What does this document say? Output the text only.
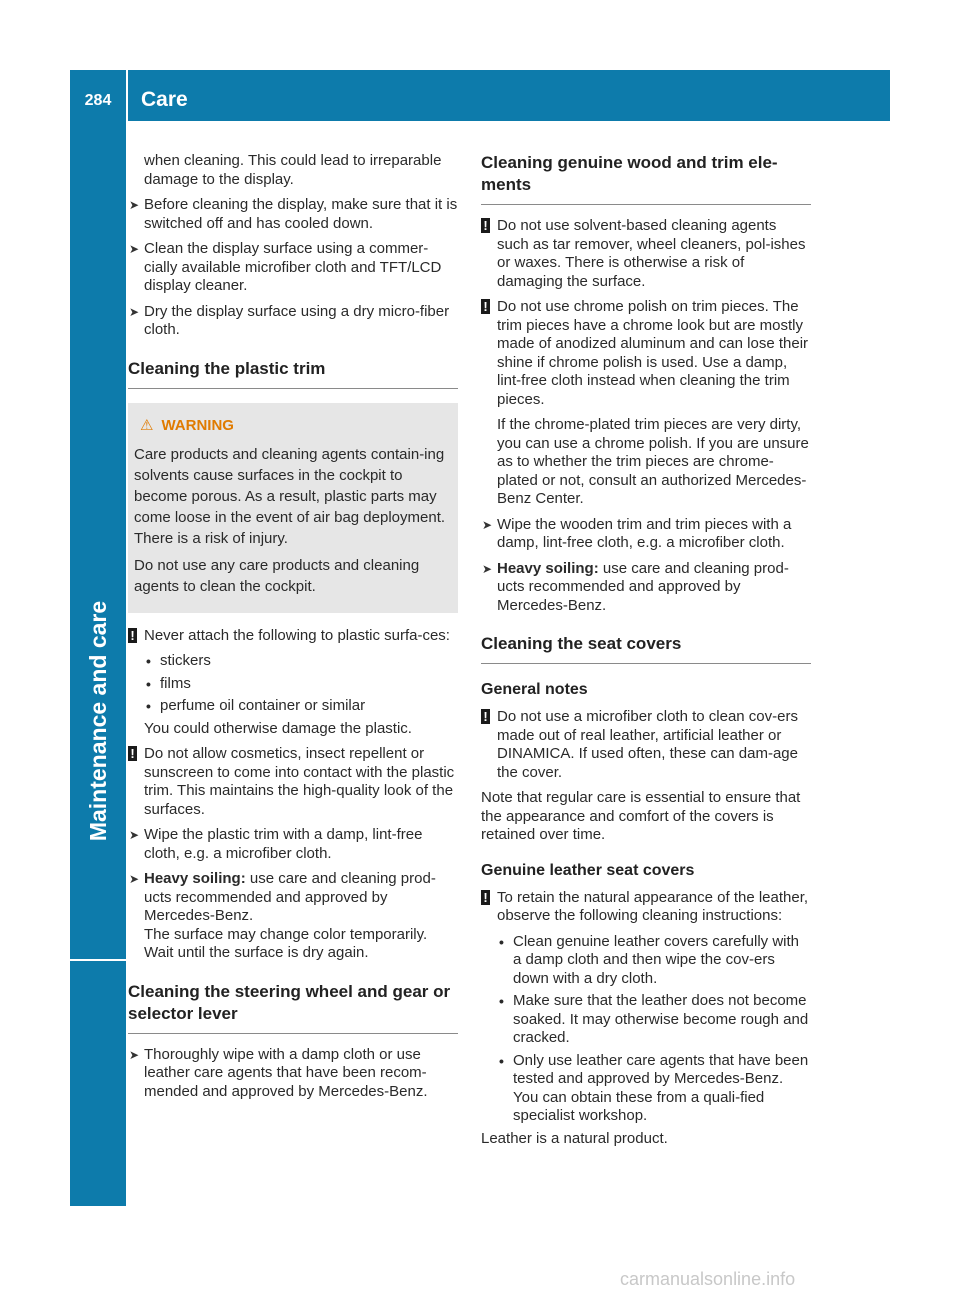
284	Care
Maintenance and care

when cleaning. This could lead to irreparable damage to the display.

➤ Before cleaning the display, make sure that it is switched off and has cooled down.
➤ Clean the display surface using a commer-cially available microfiber cloth and TFT/LCD display cleaner.
➤ Dry the display surface using a dry micro-fiber cloth.
Cleaning the plastic trim
⚠ WARNING

Care products and cleaning agents contain-ing solvents cause surfaces in the cockpit to become porous. As a result, plastic parts may come loose in the event of air bag deployment. There is a risk of injury.

Do not use any care products and cleaning agents to clean the cockpit.

! Never attach the following to plastic surfa-ces:
• stickers
• films
• perfume oil container or similar

You could otherwise damage the plastic.

! Do not allow cosmetics, insect repellent or sunscreen to come into contact with the plastic trim. This maintains the high-quality look of the surfaces.
➤ Wipe the plastic trim with a damp, lint-free cloth, e.g. a microfiber cloth.
➤ Heavy soiling: use care and cleaning prod-ucts recommended and approved by Mercedes-Benz.
The surface may change color temporarily. Wait until the surface is dry again.
Cleaning the steering wheel and gear or selector lever
➤ Thoroughly wipe with a damp cloth or use leather care agents that have been recom-mended and approved by Mercedes-Benz.
Cleaning genuine wood and trim ele-ments
! Do not use solvent-based cleaning agents such as tar remover, wheel cleaners, pol-ishes or waxes. There is otherwise a risk of damaging the surface.
! Do not use chrome polish on trim pieces. The trim pieces have a chrome look but are mostly made of anodized aluminum and can lose their shine if chrome polish is used. Use a damp, lint-free cloth instead when cleaning the trim pieces.

If the chrome-plated trim pieces are very dirty, you can use a chrome polish. If you are unsure as to whether the trim pieces are chrome-plated or not, consult an authorized Mercedes-Benz Center.

➤ Wipe the wooden trim and trim pieces with a damp, lint-free cloth, e.g. a microfiber cloth.
➤ Heavy soiling: use care and cleaning prod-ucts recommended and approved by Mercedes-Benz.
Cleaning the seat covers
General notes
! Do not use a microfiber cloth to clean cov-ers made out of real leather, artificial leather or DINAMICA. If used often, these can dam-age the cover.

Note that regular care is essential to ensure that the appearance and comfort of the covers is retained over time.

Genuine leather seat covers
! To retain the natural appearance of the leather, observe the following cleaning instructions:
• Clean genuine leather covers carefully with a damp cloth and then wipe the cov-ers down with a dry cloth.
• Make sure that the leather does not become soaked. It may otherwise become rough and cracked.
• Only use leather care agents that have been tested and approved by Mercedes-Benz. You can obtain these from a quali-fied specialist workshop.

Leather is a natural product.

carmanualsonline.info
